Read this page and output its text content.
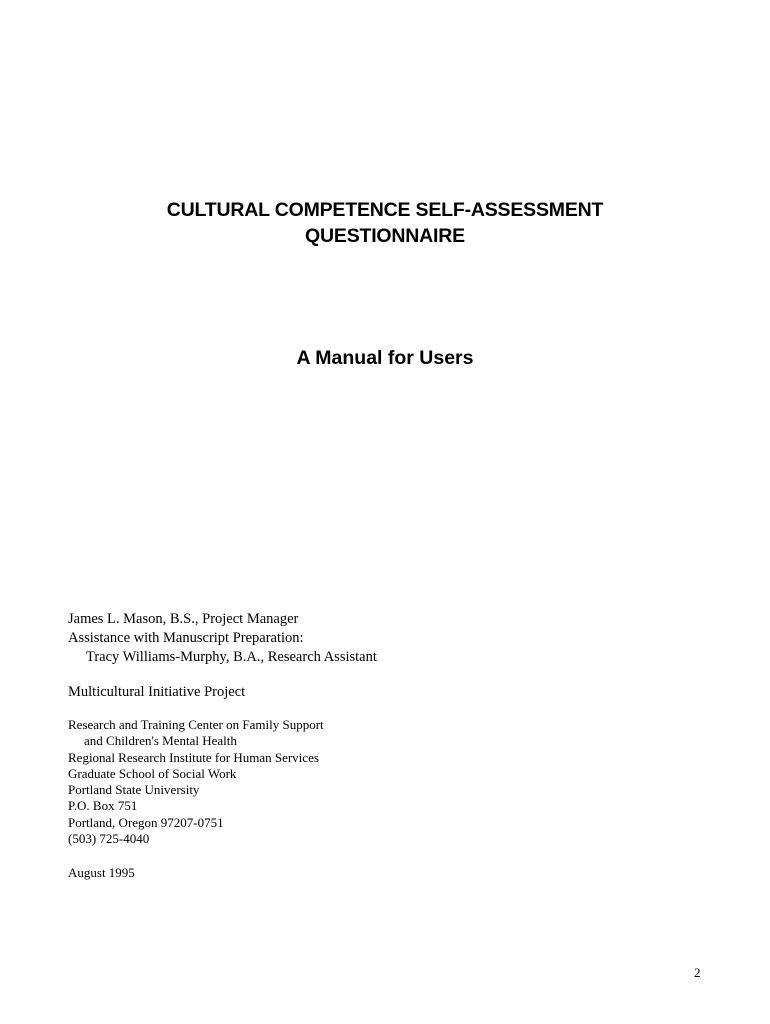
CULTURAL COMPETENCE SELF-ASSESSMENT
QUESTIONNAIRE
A Manual for Users
James L. Mason, B.S., Project Manager
Assistance with Manuscript Preparation:
Tracy Williams-Murphy, B.A., Research Assistant
Multicultural Initiative Project
Research and Training Center on Family Support
and Children's Mental Health
Regional Research Institute for Human Services
Graduate School of Social Work
Portland State University
P.O. Box 751
Portland, Oregon 97207-0751
(503) 725-4040
August 1995
2
